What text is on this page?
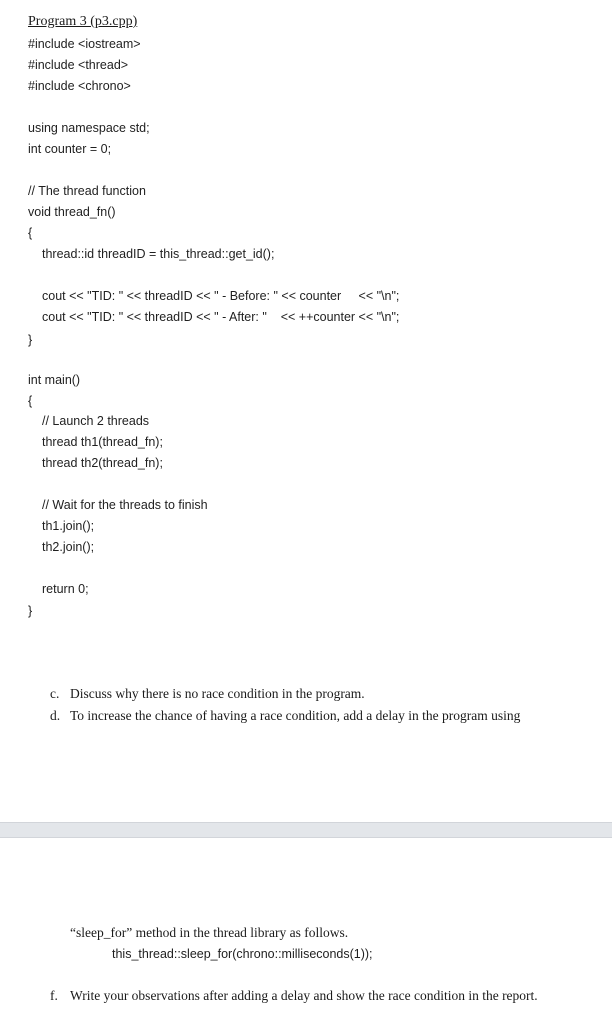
Program 3 (p3.cpp)
#include <iostream>
#include <thread>
#include <chrono>
using namespace std;
int counter = 0;
// The thread function
void thread_fn()
{
thread::id threadID = this_thread::get_id();
cout << "TID: " << threadID << " - Before: " << counter     << "\n";
cout << "TID: " << threadID << " - After: "    << ++counter << "\n";
}
int main()
{
// Launch 2 threads
thread th1(thread_fn);
thread th2(thread_fn);
// Wait for the threads to finish
th1.join();
th2.join();
return 0;
}
c. Discuss why there is no race condition in the program.
d. To increase the chance of having a race condition, add a delay in the program using
“sleep_for” method in the thread library as follows.
this_thread::sleep_for(chrono::milliseconds(1));
f. Write your observations after adding a delay and show the race condition in the report.
